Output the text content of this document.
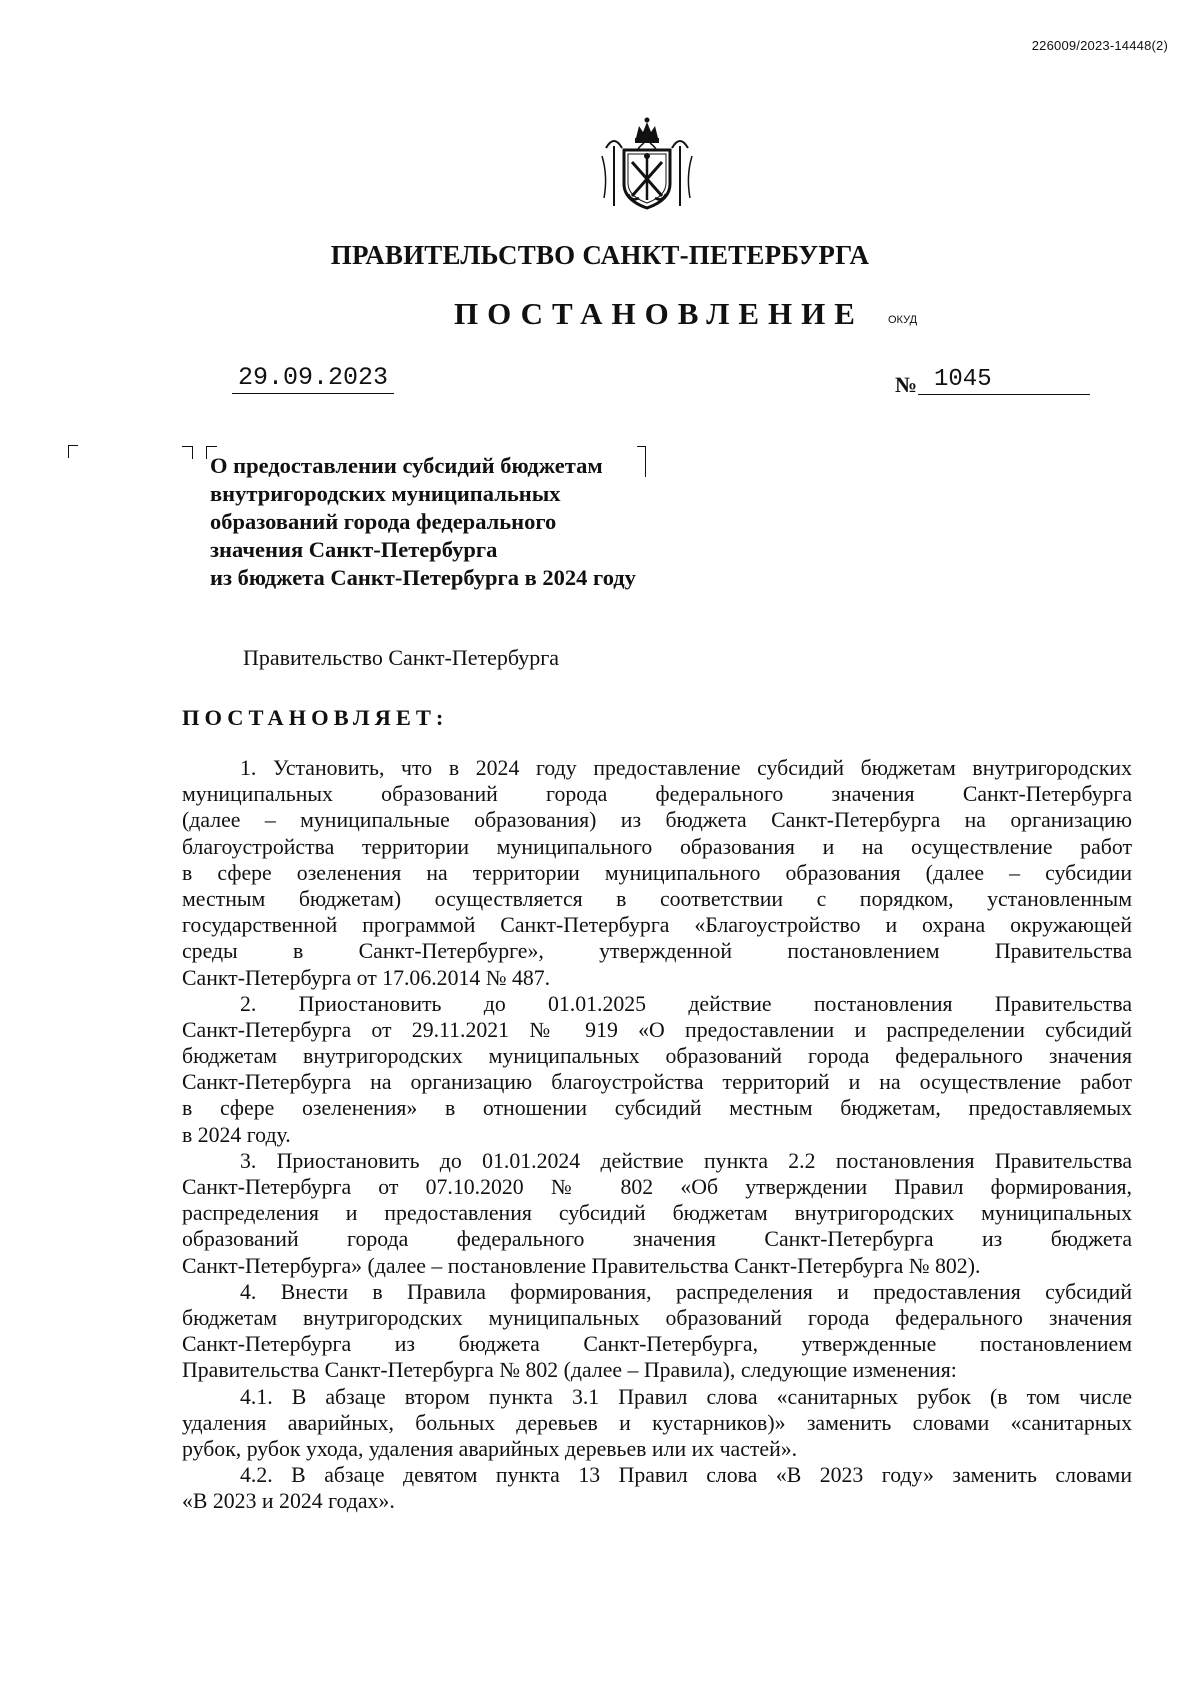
226009/2023-14448(2)
ПРАВИТЕЛЬСТВО САНКТ-ПЕТЕРБУРГА
ПОСТАНОВЛЕНИЕ ОКУД
29.09.2023	№ 1045
О предоставлении субсидий бюджетам
внутригородских муниципальных
образований города федерального
значения Санкт-Петербурга
из бюджета Санкт-Петербурга в 2024 году
Правительство Санкт-Петербурга
ПОСТАНОВЛЯЕТ:
1. Установить, что в 2024 году предоставление субсидий бюджетам внутригородских
муниципальных образований города федерального значения Санкт-Петербурга
(далее – муниципальные образования) из бюджета Санкт-Петербурга на организацию
благоустройства территории муниципального образования и на осуществление работ
в сфере озеленения на территории муниципального образования (далее – субсидии
местным бюджетам) осуществляется в соответствии с порядком, установленным
государственной программой Санкт-Петербурга «Благоустройство и охрана окружающей
среды в Санкт-Петербурге», утвержденной постановлением Правительства
Санкт-Петербурга от 17.06.2014 № 487.
2. Приостановить до 01.01.2025 действие постановления Правительства
Санкт-Петербурга от 29.11.2021 № 919 «О предоставлении и распределении субсидий
бюджетам внутригородских муниципальных образований города федерального значения
Санкт-Петербурга на организацию благоустройства территорий и на осуществление работ
в сфере озеленения» в отношении субсидий местным бюджетам, предоставляемых
в 2024 году.
3. Приостановить до 01.01.2024 действие пункта 2.2 постановления Правительства
Санкт-Петербурга от 07.10.2020 № 802 «Об утверждении Правил формирования,
распределения и предоставления субсидий бюджетам внутригородских муниципальных
образований города федерального значения Санкт-Петербурга из бюджета
Санкт-Петербурга» (далее – постановление Правительства Санкт-Петербурга № 802).
4. Внести в Правила формирования, распределения и предоставления субсидий
бюджетам внутригородских муниципальных образований города федерального значения
Санкт-Петербурга из бюджета Санкт-Петербурга, утвержденные постановлением
Правительства Санкт-Петербурга № 802 (далее – Правила), следующие изменения:
4.1. В абзаце втором пункта 3.1 Правил слова «санитарных рубок (в том числе
удаления аварийных, больных деревьев и кустарников)» заменить словами «санитарных
рубок, рубок ухода, удаления аварийных деревьев или их частей».
4.2. В абзаце девятом пункта 13 Правил слова «В 2023 году» заменить словами
«В 2023 и 2024 годах».
